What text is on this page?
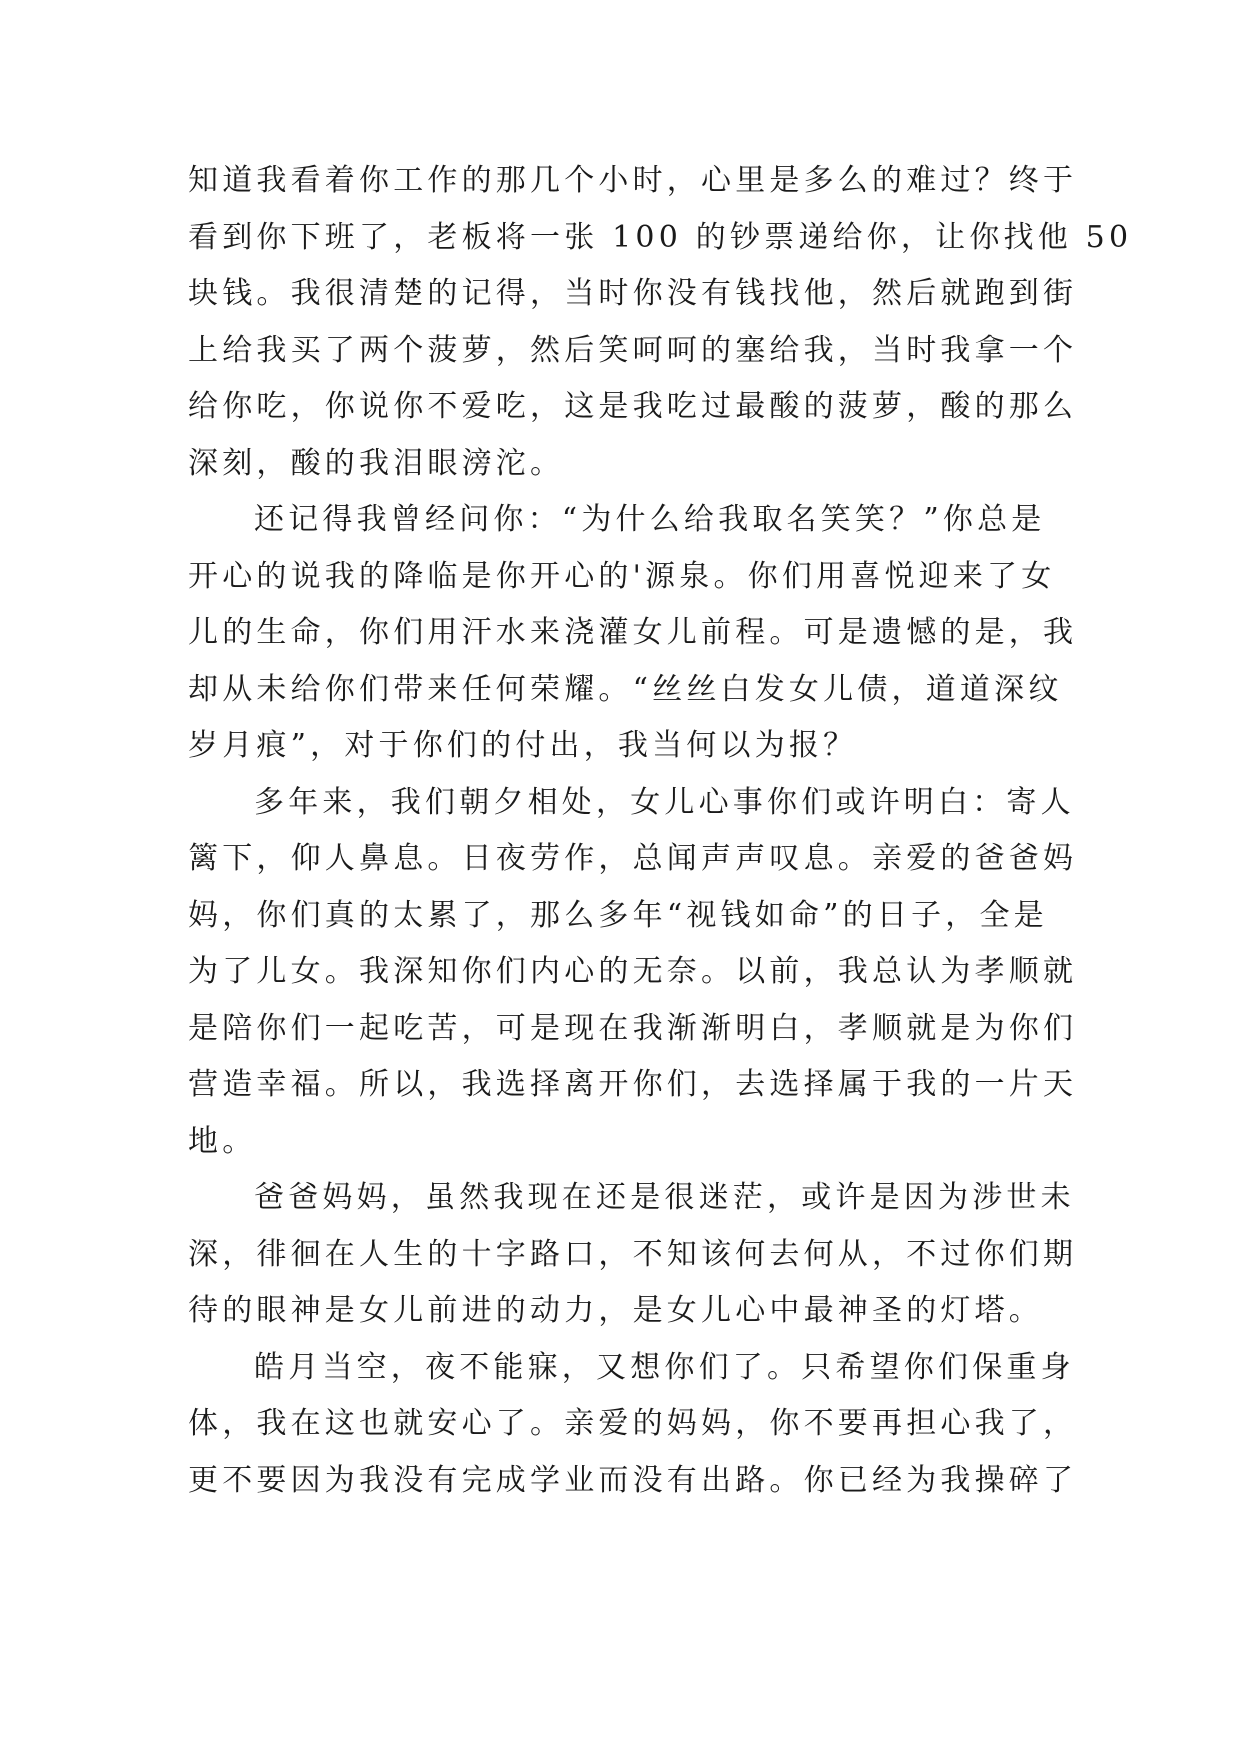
知道我看着你工作的那几个小时，心里是多么的难过？终于
看到你下班了，老板将一张 100 的钞票递给你，让你找他 50
块钱。我很清楚的记得，当时你没有钱找他，然后就跑到街
上给我买了两个菠萝，然后笑呵呵的塞给我，当时我拿一个
给你吃，你说你不爱吃，这是我吃过最酸的菠萝，酸的那么
深刻，酸的我泪眼滂沱。
还记得我曾经问你：“为什么给我取名笑笑？”你总是
开心的说我的降临是你开心的'源泉。你们用喜悦迎来了女
儿的生命，你们用汗水来浇灌女儿前程。可是遗憾的是，我
却从未给你们带来任何荣耀。“丝丝白发女儿债，道道深纹
岁月痕”，对于你们的付出，我当何以为报？
多年来，我们朝夕相处，女儿心事你们或许明白：寄人
篱下，仰人鼻息。日夜劳作，总闻声声叹息。亲爱的爸爸妈
妈，你们真的太累了，那么多年“视钱如命”的日子，全是
为了儿女。我深知你们内心的无奈。以前，我总认为孝顺就
是陪你们一起吃苦，可是现在我渐渐明白，孝顺就是为你们
营造幸福。所以，我选择离开你们，去选择属于我的一片天
地。
爸爸妈妈，虽然我现在还是很迷茫，或许是因为涉世未
深，徘徊在人生的十字路口，不知该何去何从，不过你们期
待的眼神是女儿前进的动力，是女儿心中最神圣的灯塔。
皓月当空，夜不能寐，又想你们了。只希望你们保重身
体，我在这也就安心了。亲爱的妈妈，你不要再担心我了，
更不要因为我没有完成学业而没有出路。你已经为我操碎了
